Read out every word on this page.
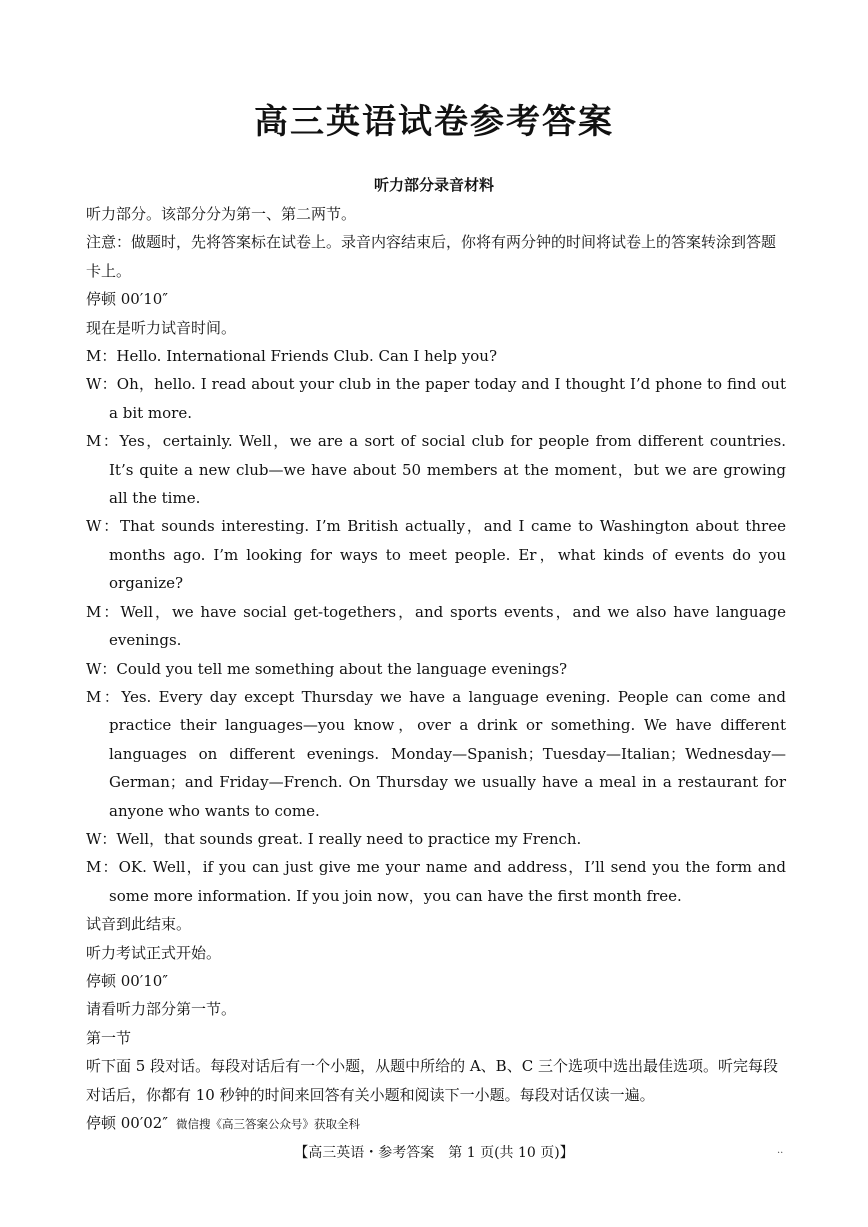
高三英语试卷参考答案
听力部分录音材料

听力部分。该部分分为第一、第二两节。

注意：做题时，先将答案标在试卷上。录音内容结束后，你将有两分钟的时间将试卷上的答案转涂到答题卡上。

停顿 00′10″

现在是听力试音时间。

M：Hello. International Friends Club. Can I help you?

W：Oh，hello. I read about your club in the paper today and I thought I’d phone to find out a bit more.

M：Yes，certainly. Well，we are a sort of social club for people from different countries. It’s quite a new club—we have about 50 members at the moment，but we are growing all the time.

W：That sounds interesting. I’m British actually，and I came to Washington about three months ago. I’m looking for ways to meet people. Er，what kinds of events do you organize?

M：Well，we have social get-togethers，and sports events，and we also have language evenings.

W：Could you tell me something about the language evenings?

M：Yes. Every day except Thursday we have a language evening. People can come and practice their languages—you know，over a drink or something. We have different languages on different evenings. Monday—Spanish；Tuesday—Italian；Wednesday—German；and Friday—French. On Thursday we usually have a meal in a restaurant for anyone who wants to come.

W：Well，that sounds great. I really need to practice my French.

M：OK. Well，if you can just give me your name and address，I’ll send you the form and some more information. If you join now，you can have the first month free.

试音到此结束。

听力考试正式开始。

停顿 00′10″

请看听力部分第一节。

第一节

听下面 5 段对话。每段对话后有一个小题，从题中所给的 A、B、C 三个选项中选出最佳选项。听完每段对话后，你都有 10 秒钟的时间来回答有关小题和阅读下一小题。每段对话仅读一遍。

停顿 00′02″ 微信搜《高三答案公众号》获取全科

【高三英语・参考答案　第 1 页(共 10 页)】	··
